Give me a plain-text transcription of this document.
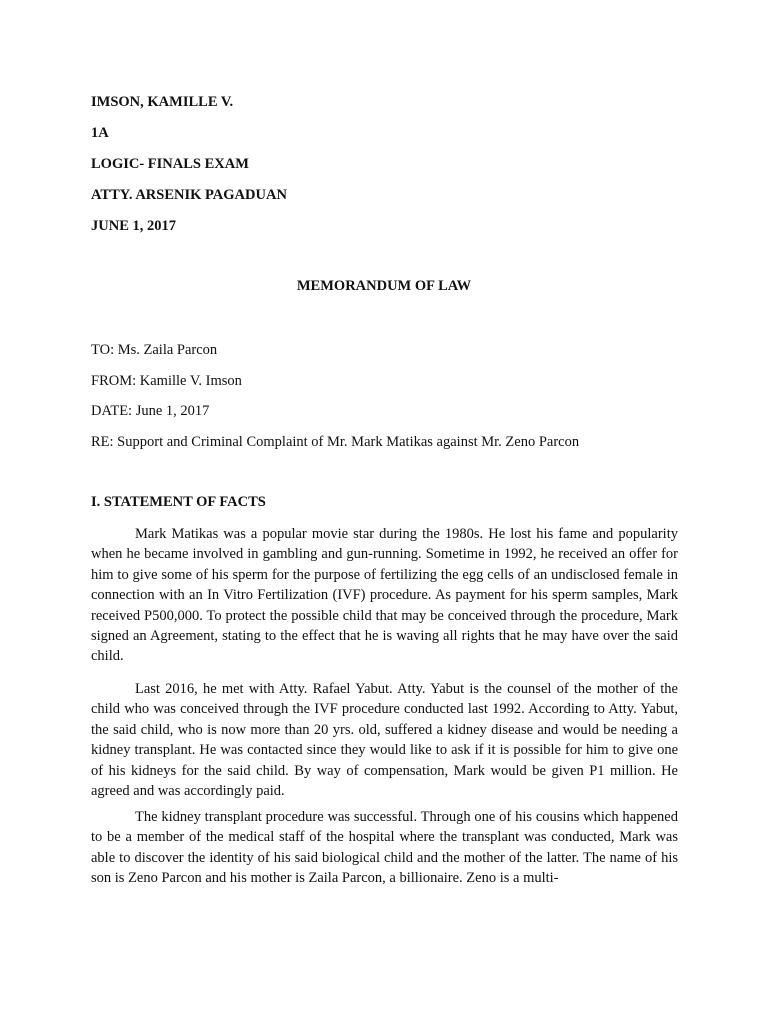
IMSON, KAMILLE V.
1A
LOGIC- FINALS EXAM
ATTY. ARSENIK PAGADUAN
JUNE 1, 2017
MEMORANDUM OF LAW
TO: Ms. Zaila Parcon
FROM: Kamille V. Imson
DATE: June 1, 2017
RE: Support and Criminal Complaint of Mr. Mark Matikas against Mr. Zeno Parcon
I. STATEMENT OF FACTS

Mark Matikas was a popular movie star during the 1980s. He lost his fame and popularity when he became involved in gambling and gun-running. Sometime in 1992, he received an offer for him to give some of his sperm for the purpose of fertilizing the egg cells of an undisclosed female in connection with an In Vitro Fertilization (IVF) procedure. As payment for his sperm samples, Mark received P500,000. To protect the possible child that may be conceived through the procedure, Mark signed an Agreement, stating to the effect that he is waving all rights that he may have over the said child.

Last 2016, he met with Atty. Rafael Yabut. Atty. Yabut is the counsel of the mother of the child who was conceived through the IVF procedure conducted last 1992. According to Atty. Yabut, the said child, who is now more than 20 yrs. old, suffered a kidney disease and would be needing a kidney transplant. He was contacted since they would like to ask if it is possible for him to give one of his kidneys for the said child. By way of compensation, Mark would be given P1 million. He agreed and was accordingly paid.

The kidney transplant procedure was successful. Through one of his cousins which happened to be a member of the medical staff of the hospital where the transplant was conducted, Mark was able to discover the identity of his said biological child and the mother of the latter. The name of his son is Zeno Parcon and his mother is Zaila Parcon, a billionaire. Zeno is a multi-
